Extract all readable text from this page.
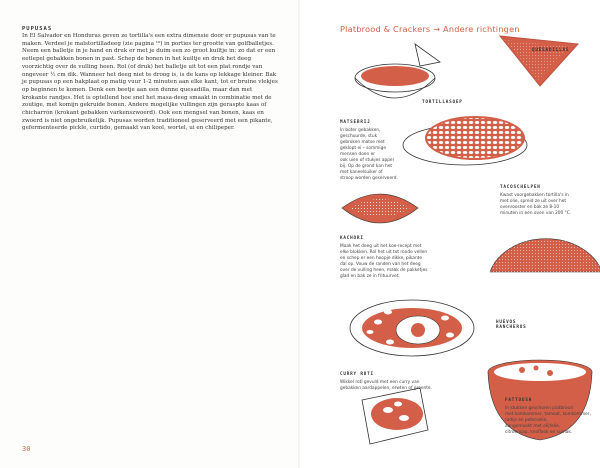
PUPUSAS
In El Salvador en Honduras geven ze tortilla's een extra dimensie door er pupusas van te maken. Verdeel je maïstortilladeeg (zie pagina ¹⁰) in porties ter grootte van golfballetjes. Neem een balletje in je hand en druk er met je duim een zo groot kuiltje in: zo dat er een eetlepel gebakken bonen in past. Schep de bonen in het kuiltje en druk het deeg voorzichtig over de vulling heen. Rol (of druk) het balletje uit tot een plat rondje van ongeveer ½ cm dik. Wanneer het deeg niet te droog is, is de kans op lekkage kleiner. Bak je pupusas op een bakplaat op matig vuur 1-2 minuten aan elke kant, tot er bruine vlekjes op beginnen te komen. Denk een beetje aan een dunne quesadilla, maar dan met krokante randjes. Het is optellend hoe snel het masa-deeg smaakt in combinatie met de zoutige, met komijn gekruide bonen. Andere mogelijke vullingen zijn geraspte kaas of chicharrón (krokant gebakken varkenszwoerd). Ook een mengsel van bonen, kaas en zwoerd is niet ongebruikelijk. Pupusas worden traditioneel geserveerd met een pikante, gefermenteerde pickle, curtido, gemaakt van kool, wortel, ui en chilipeper.
30
Platbrood & Crackers → Andere richtingen
QUESADILLAS
TORTILLASOEP
MATSEBRIJ
In boter gebakken,
geschuurde, stuk
gebroken matse met
geklopt ei – sommige
mensen doen er
ook uien of stukjes appel
bij. Op de grond kan het
met kaneelsuiker of
stroop worden geserveerd.
TACOSCHELPEN
Kwast voorgebakken tortilla's in
met olie, spreid ze uit over het
ovenrooster en bak ze 8-10
minuten in een oven van 200 °C.
KACHORI
Maak het deeg uit het koe-recept met
elke blokken. Rol het uit tot ronde vellen
en schep er een hoopje dikke, pikante
dal op. Vouw de randen van het deeg
over de vulling heen, maak de pakketjes
glad en bak ze in frituurvet.
HUEVOS RANCHEROS
CURRY ROTI
Wikkel roti gevuld met een curry van
gebakken aardappelen, erwten of groente.
FATTOUSH
In stukken geschoren platbrood
met komkommer, tomaat, komkommer,
radijs en peterselie,
aangemaakt met olijfolie,
citroensap, knoflook en sumak.
